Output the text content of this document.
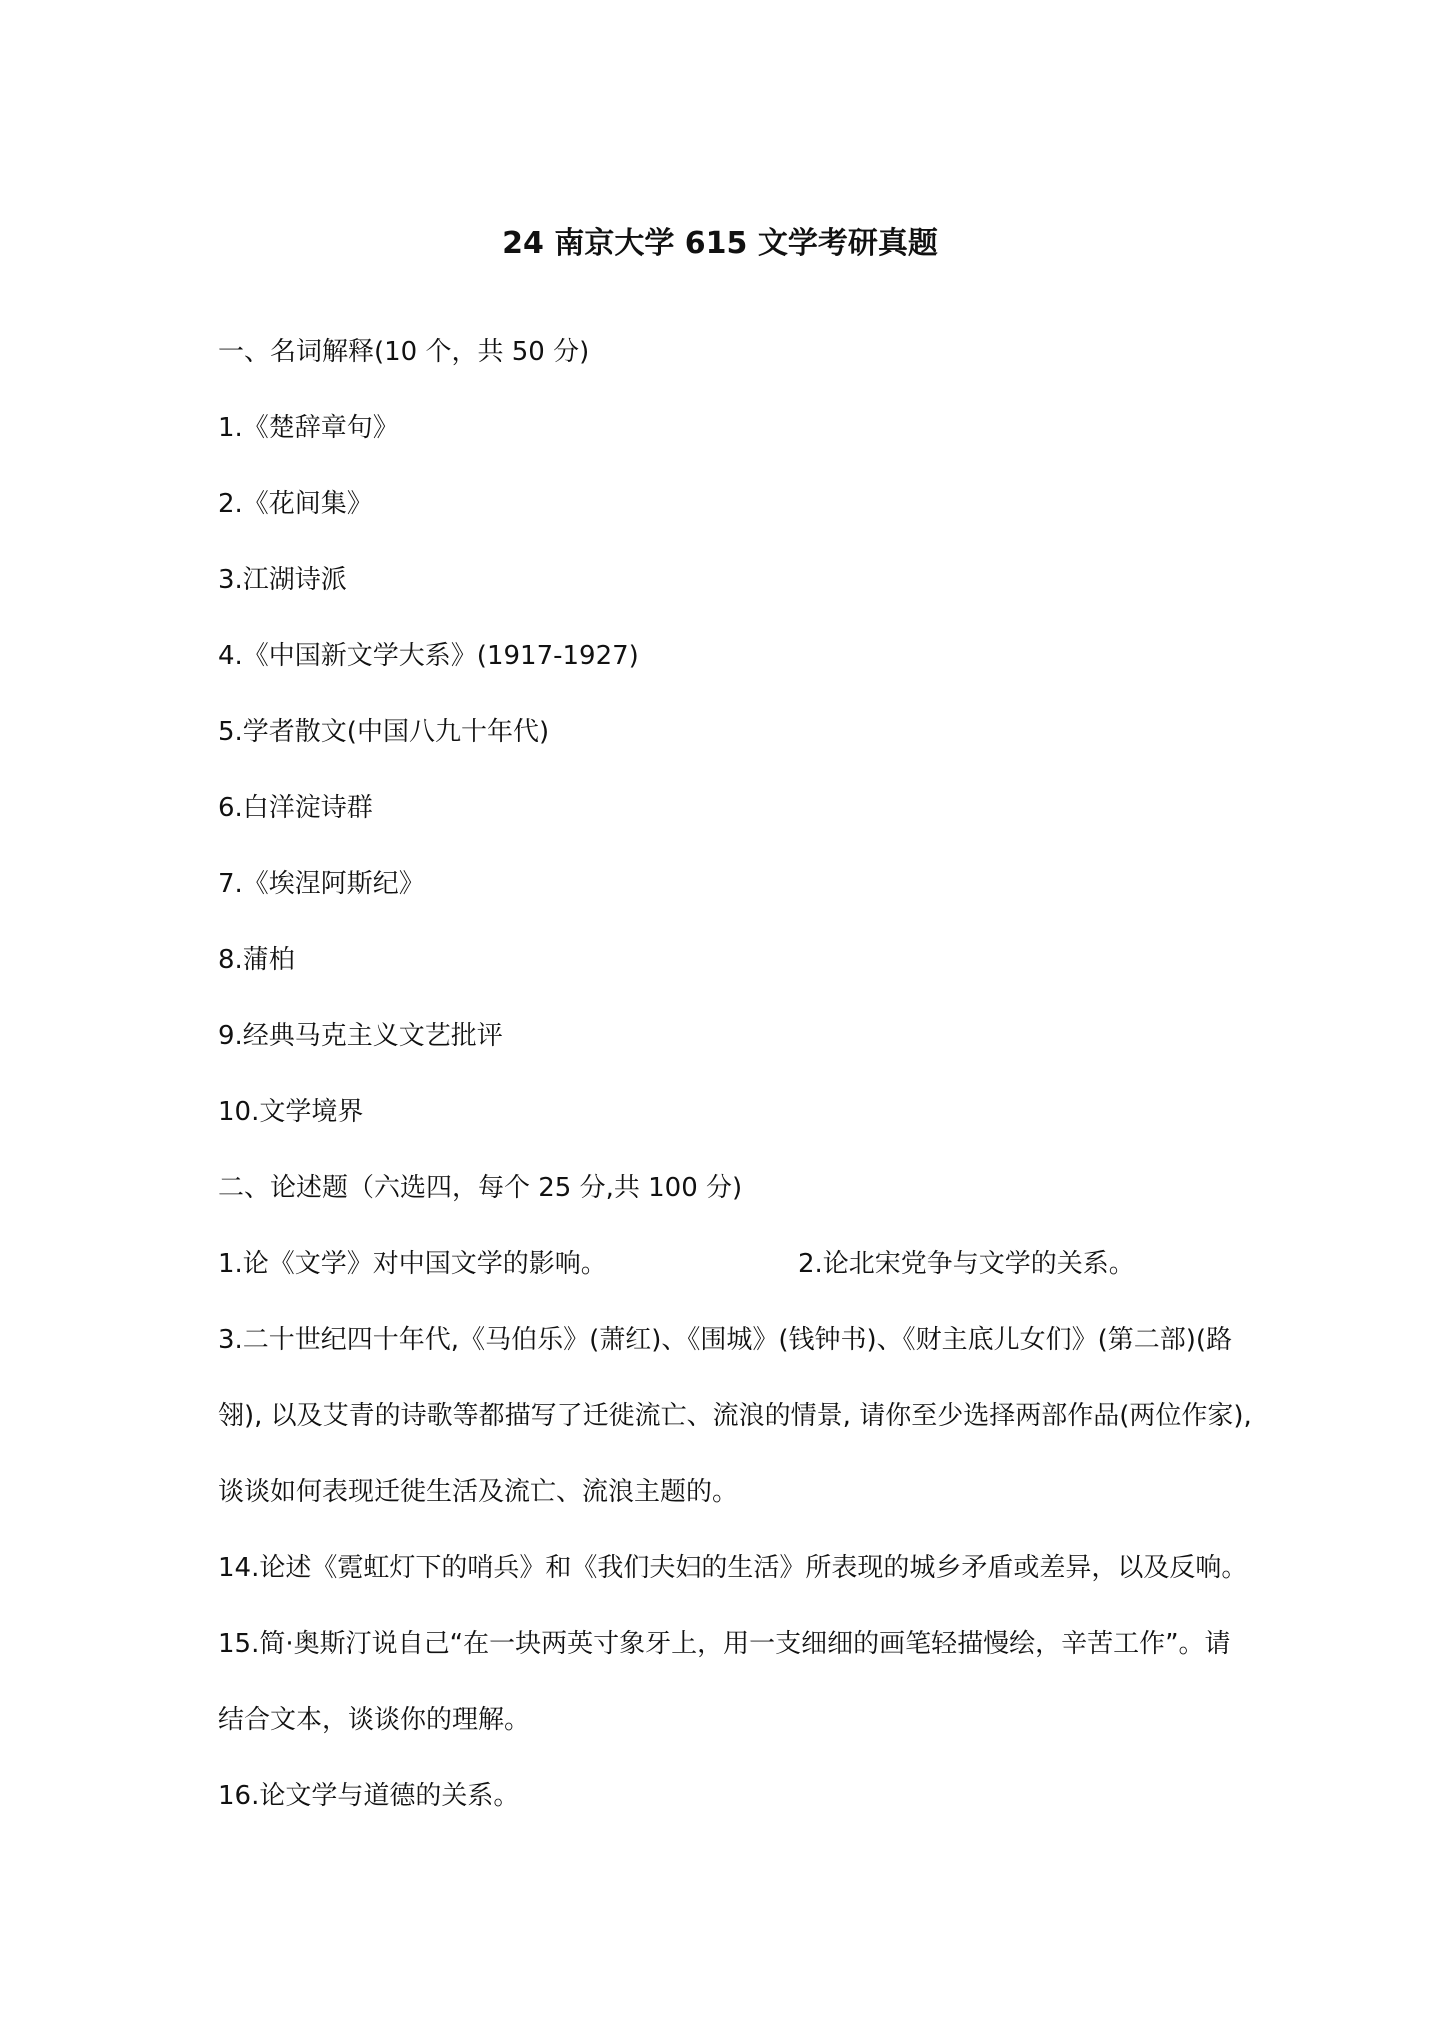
24 南京大学 615 文学考研真题
一、名词解释(10 个，共 50 分)
1.《楚辞章句》
2.《花间集》
3.江湖诗派
4.《中国新文学大系》(1917-1927)
5.学者散文(中国八九十年代)
6.白洋淀诗群
7.《埃涅阿斯纪》
8.蒲柏
9.经典马克主义文艺批评
10.文学境界
二、论述题（六选四，每个 25 分,共 100 分)
1.论《文学》对中国文学的影响。	2.论北宋党争与文学的关系。
3.二十世纪四十年代,《马伯乐》(萧红)、《围城》(钱钟书)、《财主底儿女们》(第二部)(路
翎), 以及艾青的诗歌等都描写了迁徙流亡、流浪的情景, 请你至少选择两部作品(两位作家),
谈谈如何表现迁徙生活及流亡、流浪主题的。
14.论述《霓虹灯下的哨兵》和《我们夫妇的生活》所表现的城乡矛盾或差异，以及反响。
15.简·奥斯汀说自己“在一块两英寸象牙上，用一支细细的画笔轻描慢绘，辛苦工作”。请
结合文本，谈谈你的理解。
16.论文学与道德的关系。
